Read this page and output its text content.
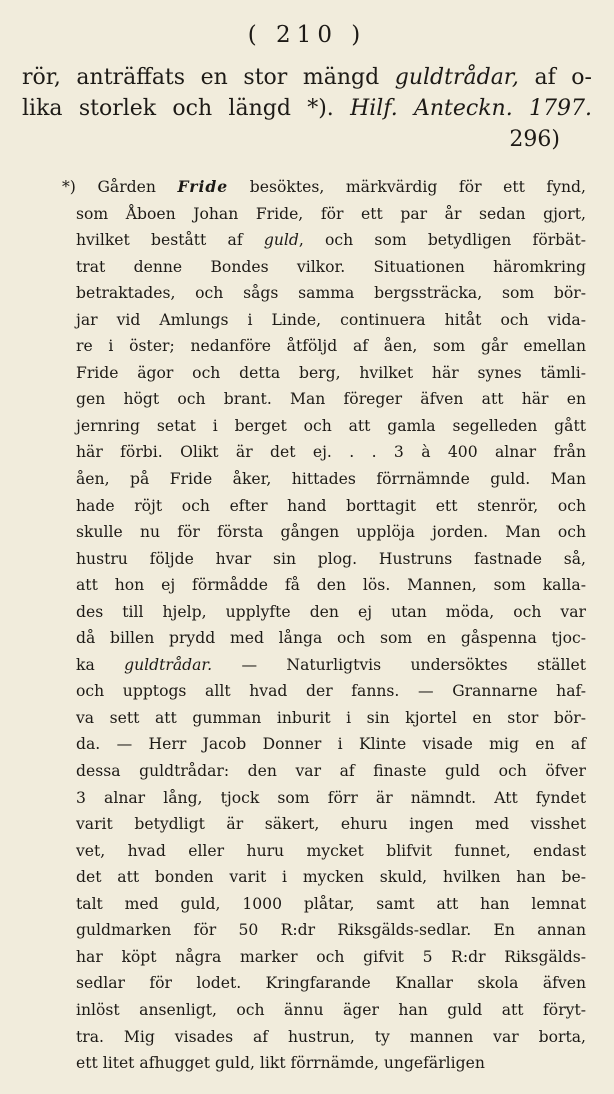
( 210 )
rör, anträffats en stor mängd guldtrådar, af o-
lika storlek och längd *). Hilf. Anteckn. 1797.
296)
*) Gården Fride besöktes, märkvärdig för ett fynd,
som Åboen Johan Fride, för ett par år sedan gjort,
hvilket bestått af guld, och som betydligen förbät-
trat denne Bondes vilkor. Situationen häromkring
betraktades, och sågs samma bergssträcka, som bör-
jar vid Amlungs i Linde, continuera hitåt och vida-
re i öster; nedanföre åtföljd af åen, som går emellan
Fride ägor och detta berg, hvilket här synes tämli-
gen högt och brant. Man föreger äfven att här en
jernring setat i berget och att gamla segelleden gått
här förbi. Olikt är det ej. . . 3 à 400 alnar från
åen, på Fride åker, hittades förrnämnde guld. Man
hade röjt och efter hand borttagit ett stenrör, och
skulle nu för första gången upplöja jorden. Man och
hustru följde hvar sin plog. Hustruns fastnade så,
att hon ej förmådde få den lös. Mannen, som kalla-
des till hjelp, upplyfte den ej utan möda, och var
då billen prydd med långa och som en gåspenna tjoc-
ka guldtrådar. — Naturligtvis undersöktes stället
och upptogs allt hvad der fanns. — Grannarne haf-
va sett att gumman inburit i sin kjortel en stor bör-
da. — Herr Jacob Donner i Klinte visade mig en af
dessa guldtrådar: den var af finaste guld och öfver
3 alnar lång, tjock som förr är nämndt. Att fyndet
varit betydligt är säkert, ehuru ingen med visshet
vet, hvad eller huru mycket blifvit funnet, endast
det att bonden varit i mycken skuld, hvilken han be-
talt med guld, 1000 plåtar, samt att han lemnat
guldmarken för 50 R:dr Riksgälds-sedlar. En annan
har köpt några marker och gifvit 5 R:dr Riksgälds-
sedlar för lodet. Kringfarande Knallar skola äfven
inlöst ansenligt, och ännu äger han guld att föryt-
tra. Mig visades af hustrun, ty mannen var borta,
ett litet afhugget guld, likt förrnämde, ungefärligen
